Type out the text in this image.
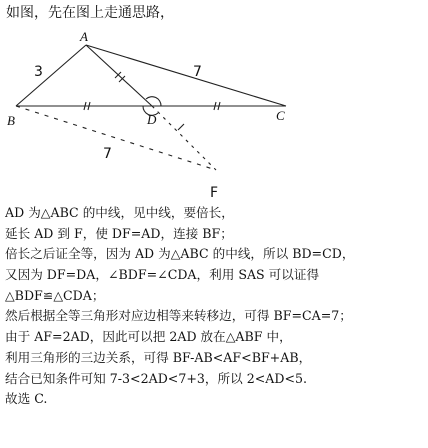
如图，先在图上走通思路，
3	7
7
A
B	C
D
F
AD 为△ABC 的中线，见中线，要倍长，
延长 AD 到 F，使 DF=AD，连接 BF；
倍长之后证全等，因为 AD 为△ABC 的中线，所以 BD=CD，
又因为 DF=DA，∠BDF=∠CDA，利用 SAS 可以证得
△BDF≌△CDA；
然后根据全等三角形对应边相等来转移边，可得 BF=CA=7；
由于 AF=2AD，因此可以把 2AD 放在△ABF 中，
利用三角形的三边关系，可得 BF-AB<AF<BF+AB，
结合已知条件可知 7-3<2AD<7+3，所以 2<AD<5.
故选 C.
